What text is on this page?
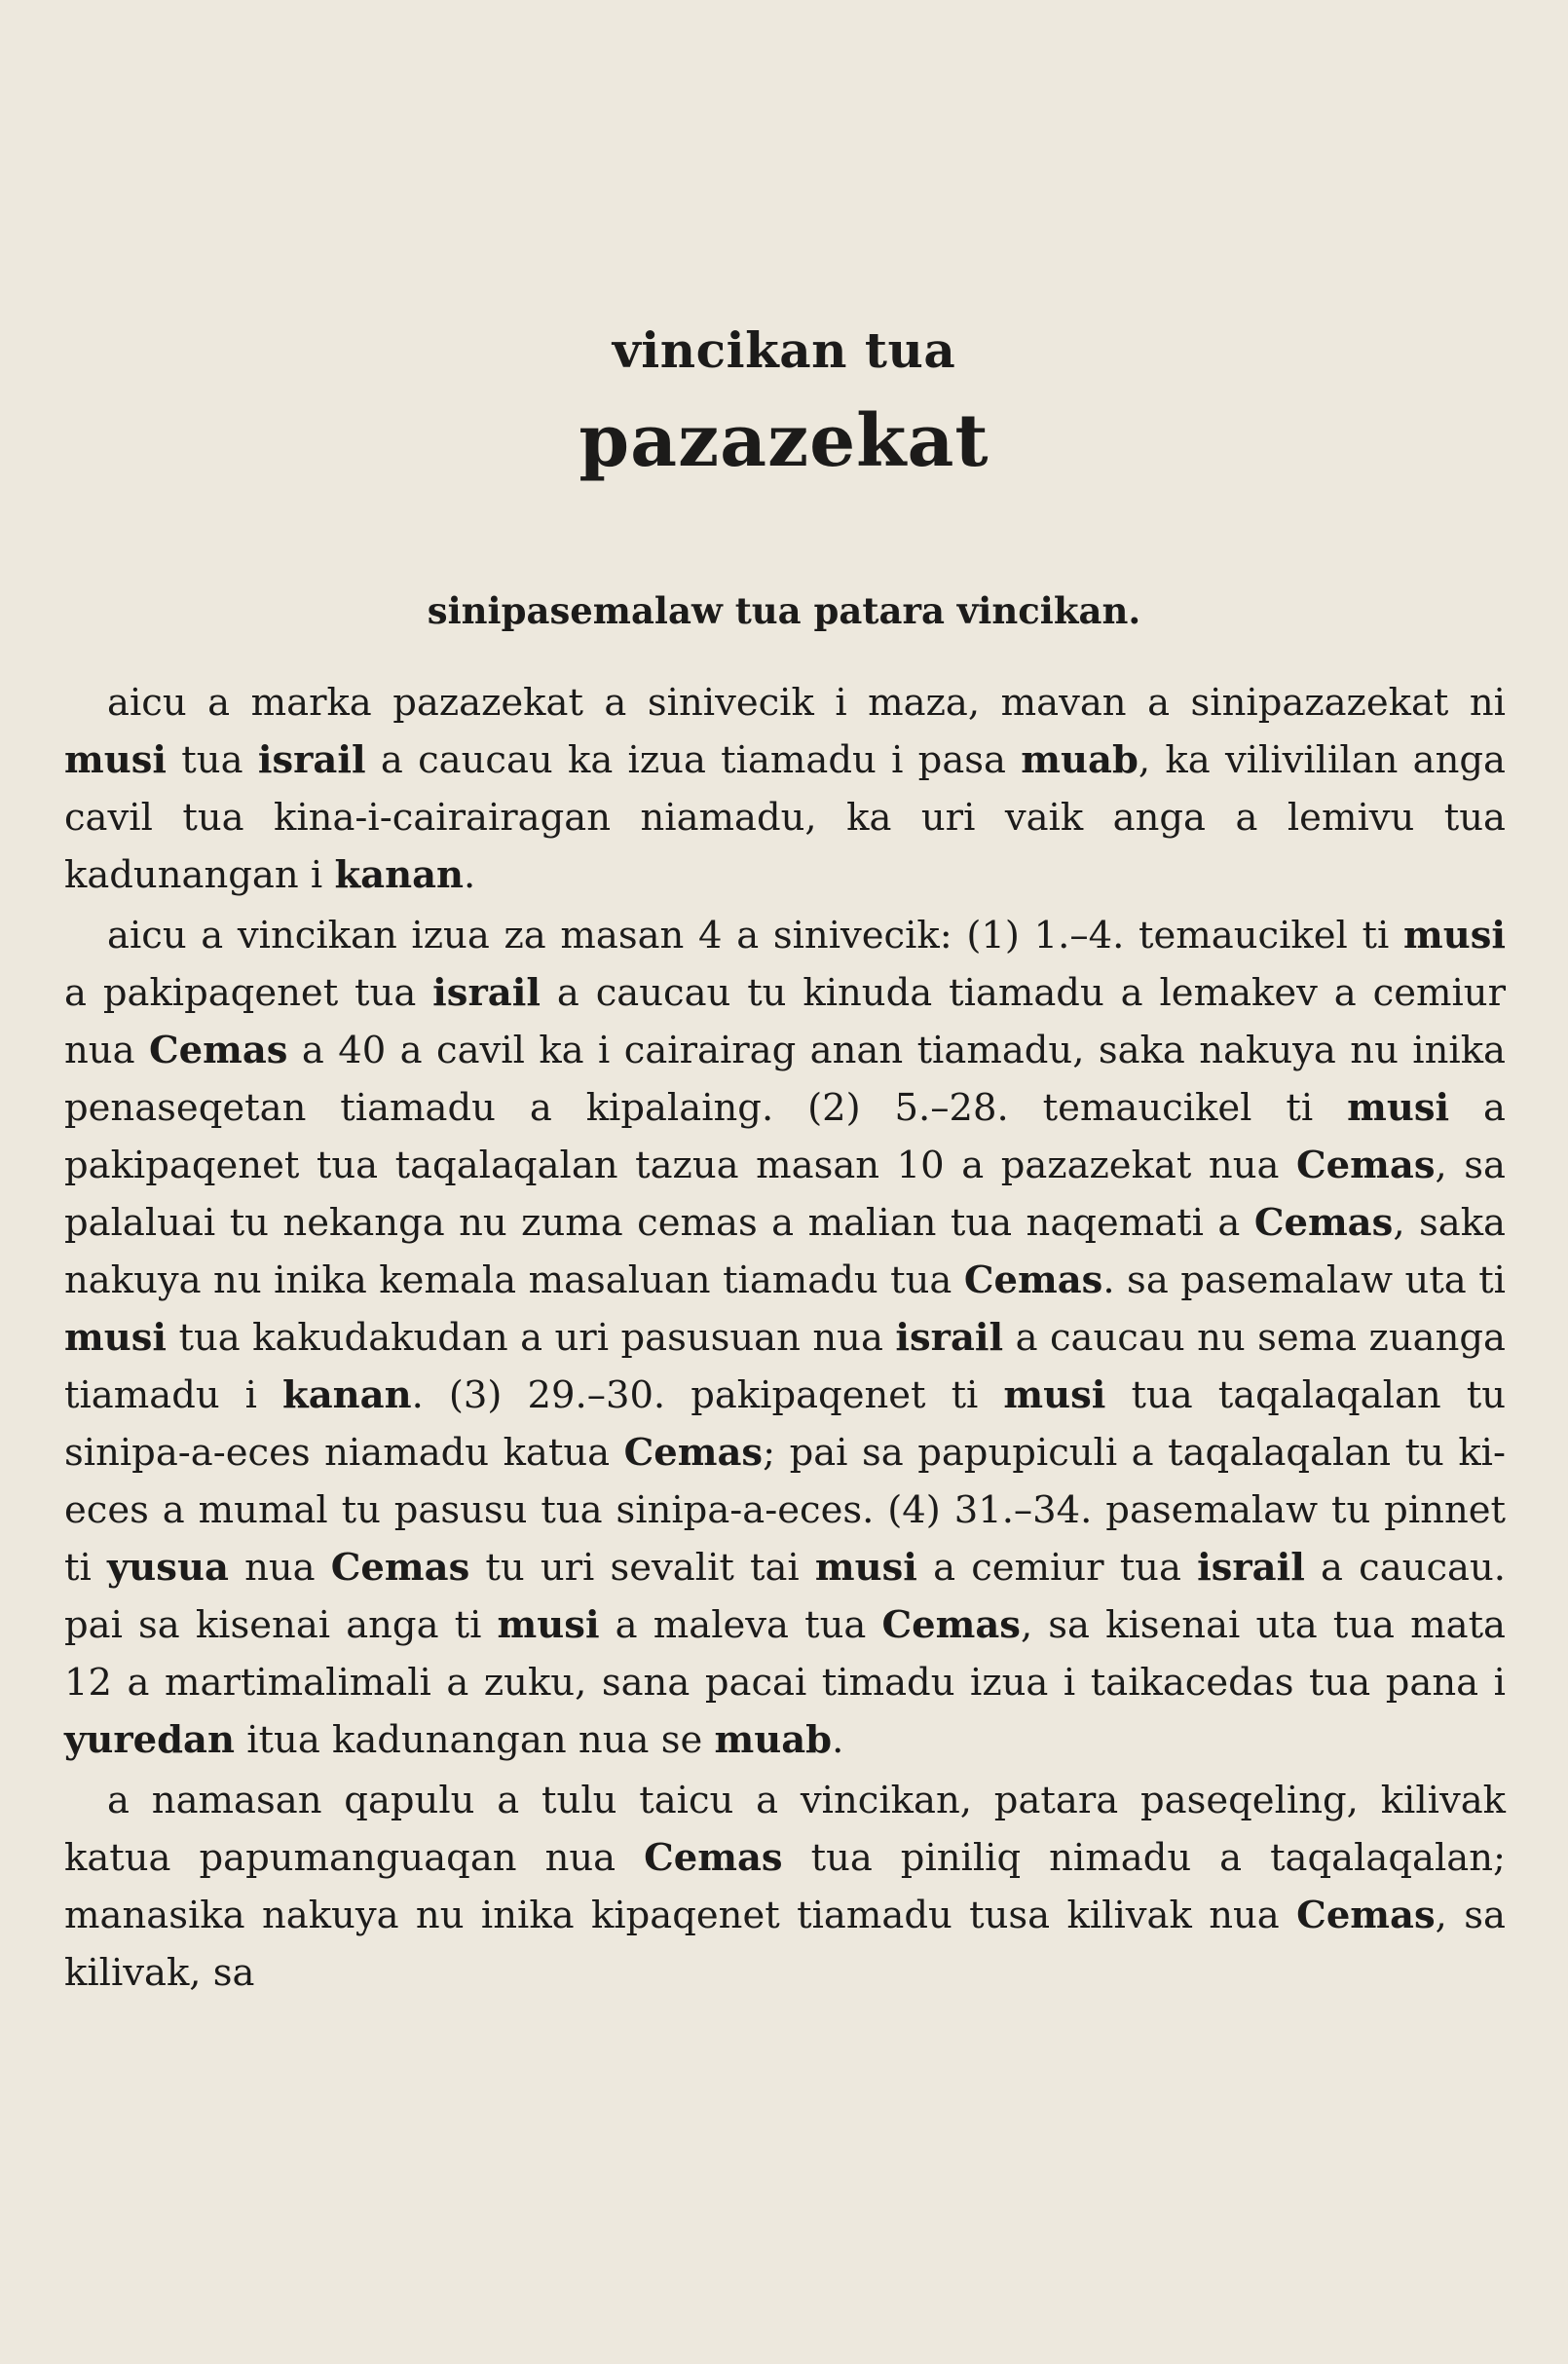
vincikan tua
pazazekat
sinipasemalaw tua patara vincikan.

aicu a marka pazazekat a sinivecik i maza, mavan a sinipazazekat ni musi tua israil a caucau ka izua tiamadu i pasa muab, ka vilivililan anga cavil tua kina-i-cairairagan niamadu, ka uri vaik anga a lemivu tua kadunangan i kanan.

aicu a vincikan izua za masan 4 a sinivecik: (1) 1.–4. temaucikel ti musi a pakipaqenet tua israil a caucau tu kinuda tiamadu a lemakev a cemiur nua Cemas a 40 a cavil ka i cairairag anan tiamadu, saka nakuya nu inika penaseqetan tiamadu a kipalaing. (2) 5.–28. temaucikel ti musi a pakipaqenet tua taqalaqalan tazua masan 10 a pazazekat nua Cemas, sa palaluai tu nekanga nu zuma cemas a malian tua naqemati a Cemas, saka nakuya nu inika kemala masaluan tiamadu tua Cemas. sa pasemalaw uta ti musi tua kakudakudan a uri pasusuan nua israil a caucau nu sema zuanga tiamadu i kanan. (3) 29.–30. pakipaqenet ti musi tua taqalaqalan tu sinipa-a-eces niamadu katua Cemas; pai sa papupiculi a taqalaqalan tu ki-eces a mumal tu pasusu tua sinipa-a-eces. (4) 31.–34. pasemalaw tu pinnet ti yusua nua Cemas tu uri sevalit tai musi a cemiur tua israil a caucau. pai sa kisenai anga ti musi a maleva tua Cemas, sa kisenai uta tua mata 12 a martimalimali a zuku, sana pacai timadu izua i taikacedas tua pana i yuredan itua kadunangan nua se muab.

a namasan qapulu a tulu taicu a vincikan, patara paseqeling, kilivak katua papumanguaqan nua Cemas tua piniliq nimadu a taqalaqalan; manasika nakuya nu inika kipaqenet tiamadu tusa kilivak nua Cemas, sa kilivak, sa
